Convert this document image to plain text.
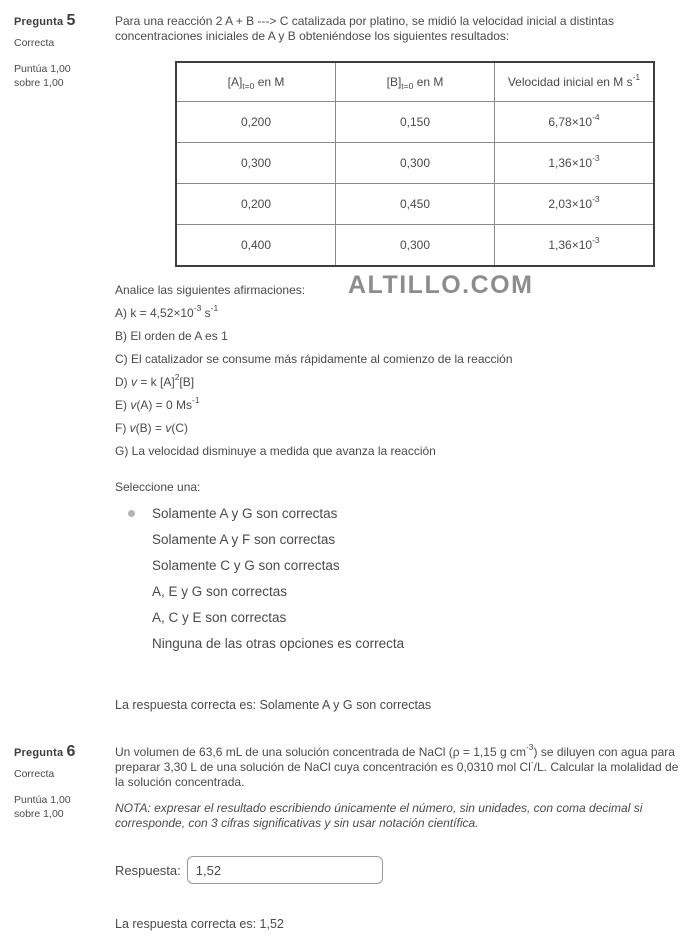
ALTILLO.COM
Pregunta 5
Correcta
Puntúa 1,00 sobre 1,00

Para una reacción 2 A + B ---> C catalizada por platino, se midió la velocidad inicial a distintas concentraciones iniciales de A y B obteniéndose los siguientes resultados:

$[A]_{t=0}$ en M	$[B]_{t=0}$ en M	Velocidad inicial en M $s^{-1}$
0,200	0,150	$6,78\times 10^{-4}$
0,300	0,300	$1,36\times 10^{-3}$
0,200	0,450	$2,03\times 10^{-3}$
0,400	0,300	$1,36\times 10^{-3}$
Analice las siguientes afirmaciones:
A) $k = 4,52\times 10^{-3}$ $s^{-1}$
B) El orden de A es 1
C) El catalizador se consume más rápidamente al comienzo de la reacción
D) v = k $[A]^2[B]$
E) v(A) = 0 $Ms^{-1}$
F) v(B) = v(C)
G) La velocidad disminuye a medida que avanza la reacción
Seleccione una:
Solamente A y G son correctas
Solamente A y F son correctas
Solamente C y G son correctas
A, E y G son correctas
A, C y E son correctas
Ninguna de las otras opciones es correcta
La respuesta correcta es: Solamente A y G son correctas
Pregunta 6
Correcta
Puntúa 1,00 sobre 1,00

Un volumen de 63,6 mL de una solución concentrada de NaCl (ρ = 1,15 g $cm^{-3}$) se diluyen con agua para preparar 3,30 L de una solución de NaCl cuya concentración es 0,0310 mol Cl-/L. Calcular la molalidad de la solución concentrada.

NOTA: expresar el resultado escribiendo únicamente el número, sin unidades, con coma decimal si corresponde, con 3 cifras significativas y sin usar notación científica.

Respuesta:
1,52
La respuesta correcta es: 1,52
